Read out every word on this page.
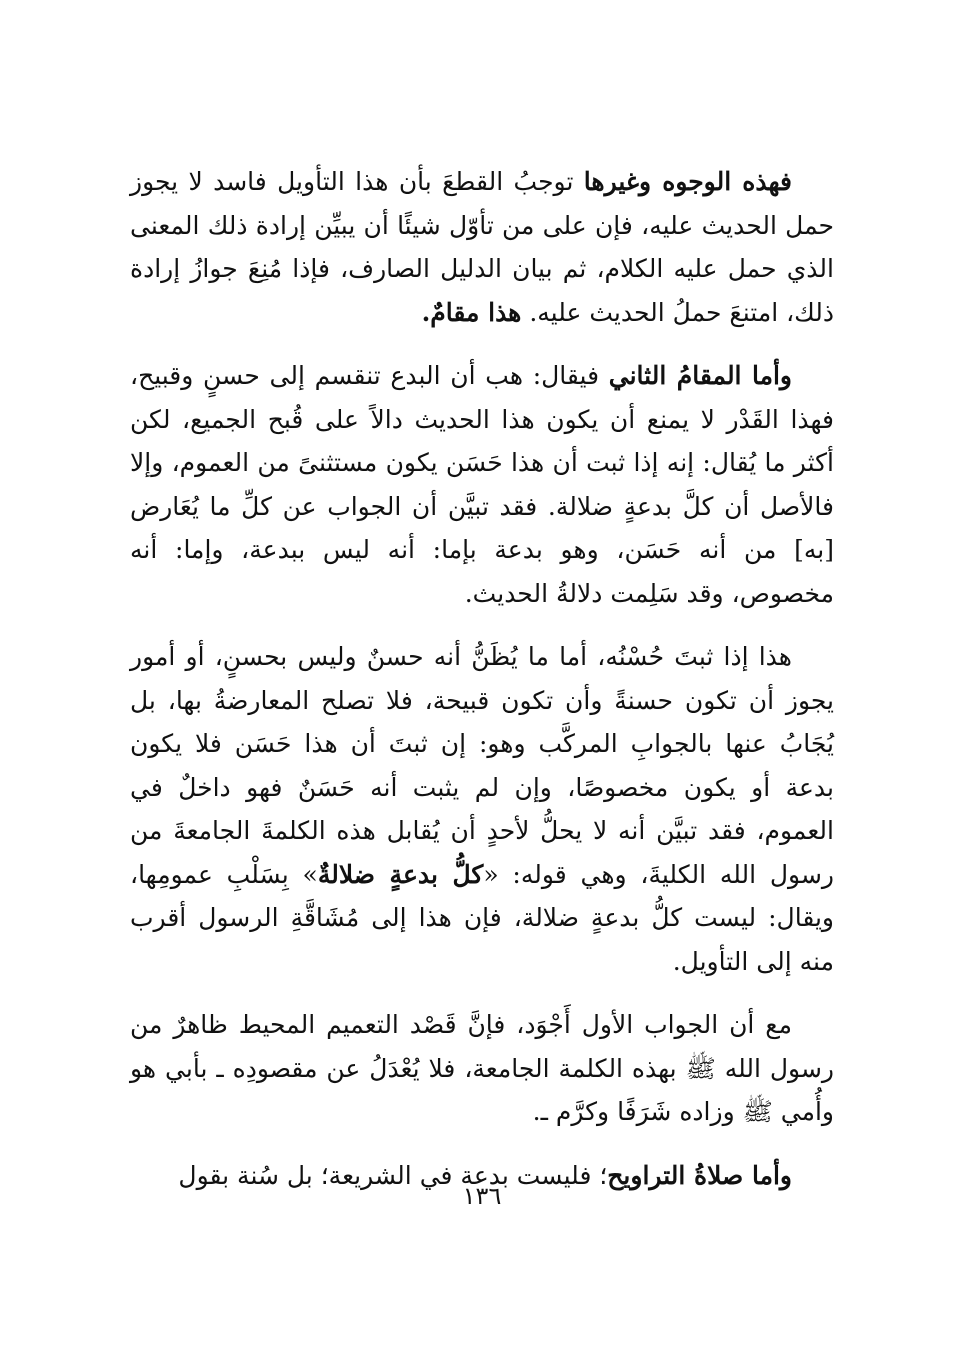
فهذه الوجوه وغيرها توجبُ القطعَ بأن هذا التأويل فاسد لا يجوز حمل الحديث عليه، فإن على من تأوّل شيئًا أن يبيِّن إرادة ذلك المعنى الذي حمل عليه الكلام، ثم بيان الدليل الصارف، فإذا مُنِعَ جوازُ إرادة ذلك، امتنعَ حملُ الحديث عليه. هذا مقامٌ.

وأما المقامُ الثاني فيقال: هب أن البدع تنقسم إلى حسنٍ وقبيح، فهذا القَدْر لا يمنع أن يكون هذا الحديث دالاً على قُبح الجميع، لكن أكثر ما يُقال: إنه إذا ثبت أن هذا حَسَن يكون مستثنىً من العموم، وإلا فالأصل أن كلَّ بدعةٍ ضلالة. فقد تبيَّن أن الجواب عن كلِّ ما يُعَارض [به] من أنه حَسَن، وهو بدعة بإما: أنه ليس ببدعة، وإما: أنه مخصوص، وقد سَلِمت دلالةُ الحديث.

هذا إذا ثبتَ حُسْنُه، أما ما يُظَنُّ أنه حسنٌ وليس بحسنٍ، أو أمور يجوز أن تكون حسنةً وأن تكون قبيحة، فلا تصلح المعارضةُ بها، بل يُجَابُ عنها بالجوابِ المركَّب وهو: إن ثبتَ أن هذا حَسَن فلا يكون بدعة أو يكون مخصوصًا، وإن لم يثبت أنه حَسَنٌ فهو داخلٌ في العموم، فقد تبيَّن أنه لا يحلُّ لأحدٍ أن يُقابل هذه الكلمةَ الجامعةَ من رسول الله الكليةَ، وهي قوله: «كلُّ بدعةٍ ضلالةٌ» بِسَلْبِ عمومِها، ويقال: ليست كلُّ بدعةٍ ضلالة، فإن هذا إلى مُشَاقَّةِ الرسول أقرب منه إلى التأويل.

مع أن الجواب الأول أَجْوَد، فإنَّ قَصْد التعميم المحيط ظاهرٌ من رسول الله ﷺ بهذه الكلمة الجامعة، فلا يُعْدَلُ عن مقصودِه ـ بأبي هو وأُمي ﷺ وزاده شَرَفًا وكرَّم ـ.

وأما صلاةُ التراويح؛ فليست بدعة في الشريعة؛ بل سُنة بقول

١٣٦
